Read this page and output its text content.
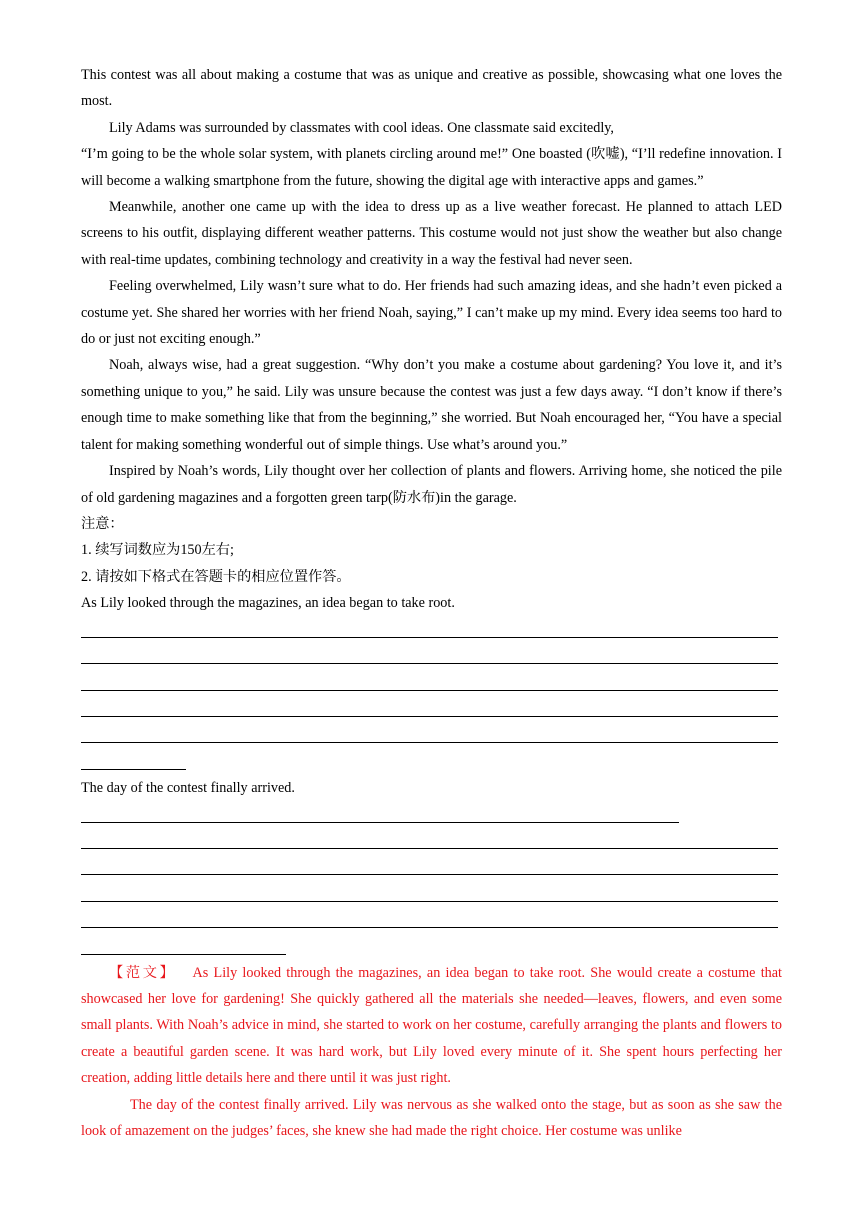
This contest was all about making a costume that was as unique and creative as possible, showcasing what one loves the most.

Lily Adams was surrounded by classmates with cool ideas. One classmate said excitedly,

“I’m going to be the whole solar system, with planets circling around me!” One boasted (吹嘘), “I’ll redefine innovation. I will become a walking smartphone from the future, showing the digital age with interactive apps and games.”

Meanwhile, another one came up with the idea to dress up as a live weather forecast. He planned to attach LED screens to his outfit, displaying different weather patterns. This costume would not just show the weather but also change with real-time updates, combining technology and creativity in a way the festival had never seen.

Feeling overwhelmed, Lily wasn’t sure what to do. Her friends had such amazing ideas, and she hadn’t even picked a costume yet. She shared her worries with her friend Noah, saying,” I can’t make up my mind. Every idea seems too hard to do or just not exciting enough.”

Noah, always wise, had a great suggestion. “Why don’t you make a costume about gardening? You love it, and it’s something unique to you,” he said. Lily was unsure because the contest was just a few days away. “I don’t know if there’s enough time to make something like that from the beginning,” she worried. But Noah encouraged her, “You have a special talent for making something wonderful out of simple things. Use what’s around you.”

Inspired by Noah’s words, Lily thought over her collection of plants and flowers. Arriving home, she noticed the pile of old gardening magazines and a forgotten green tarp(防水布)in the garage.

注意：

1. 续写词数应为150左右;

2. 请按如下格式在答题卡的相应位置作答。

As Lily looked through the magazines, an idea began to take root.

The day of the contest finally arrived.

【范文】 As Lily looked through the magazines, an idea began to take root. She would create a costume that showcased her love for gardening! She quickly gathered all the materials she needed—leaves, flowers, and even some small plants. With Noah’s advice in mind, she started to work on her costume, carefully arranging the plants and flowers to create a beautiful garden scene. It was hard work, but Lily loved every minute of it. She spent hours perfecting her creation, adding little details here and there until it was just right.

The day of the contest finally arrived. Lily was nervous as she walked onto the stage, but as soon as she saw the look of amazement on the judges’ faces, she knew she had made the right choice. Her costume was unlike
